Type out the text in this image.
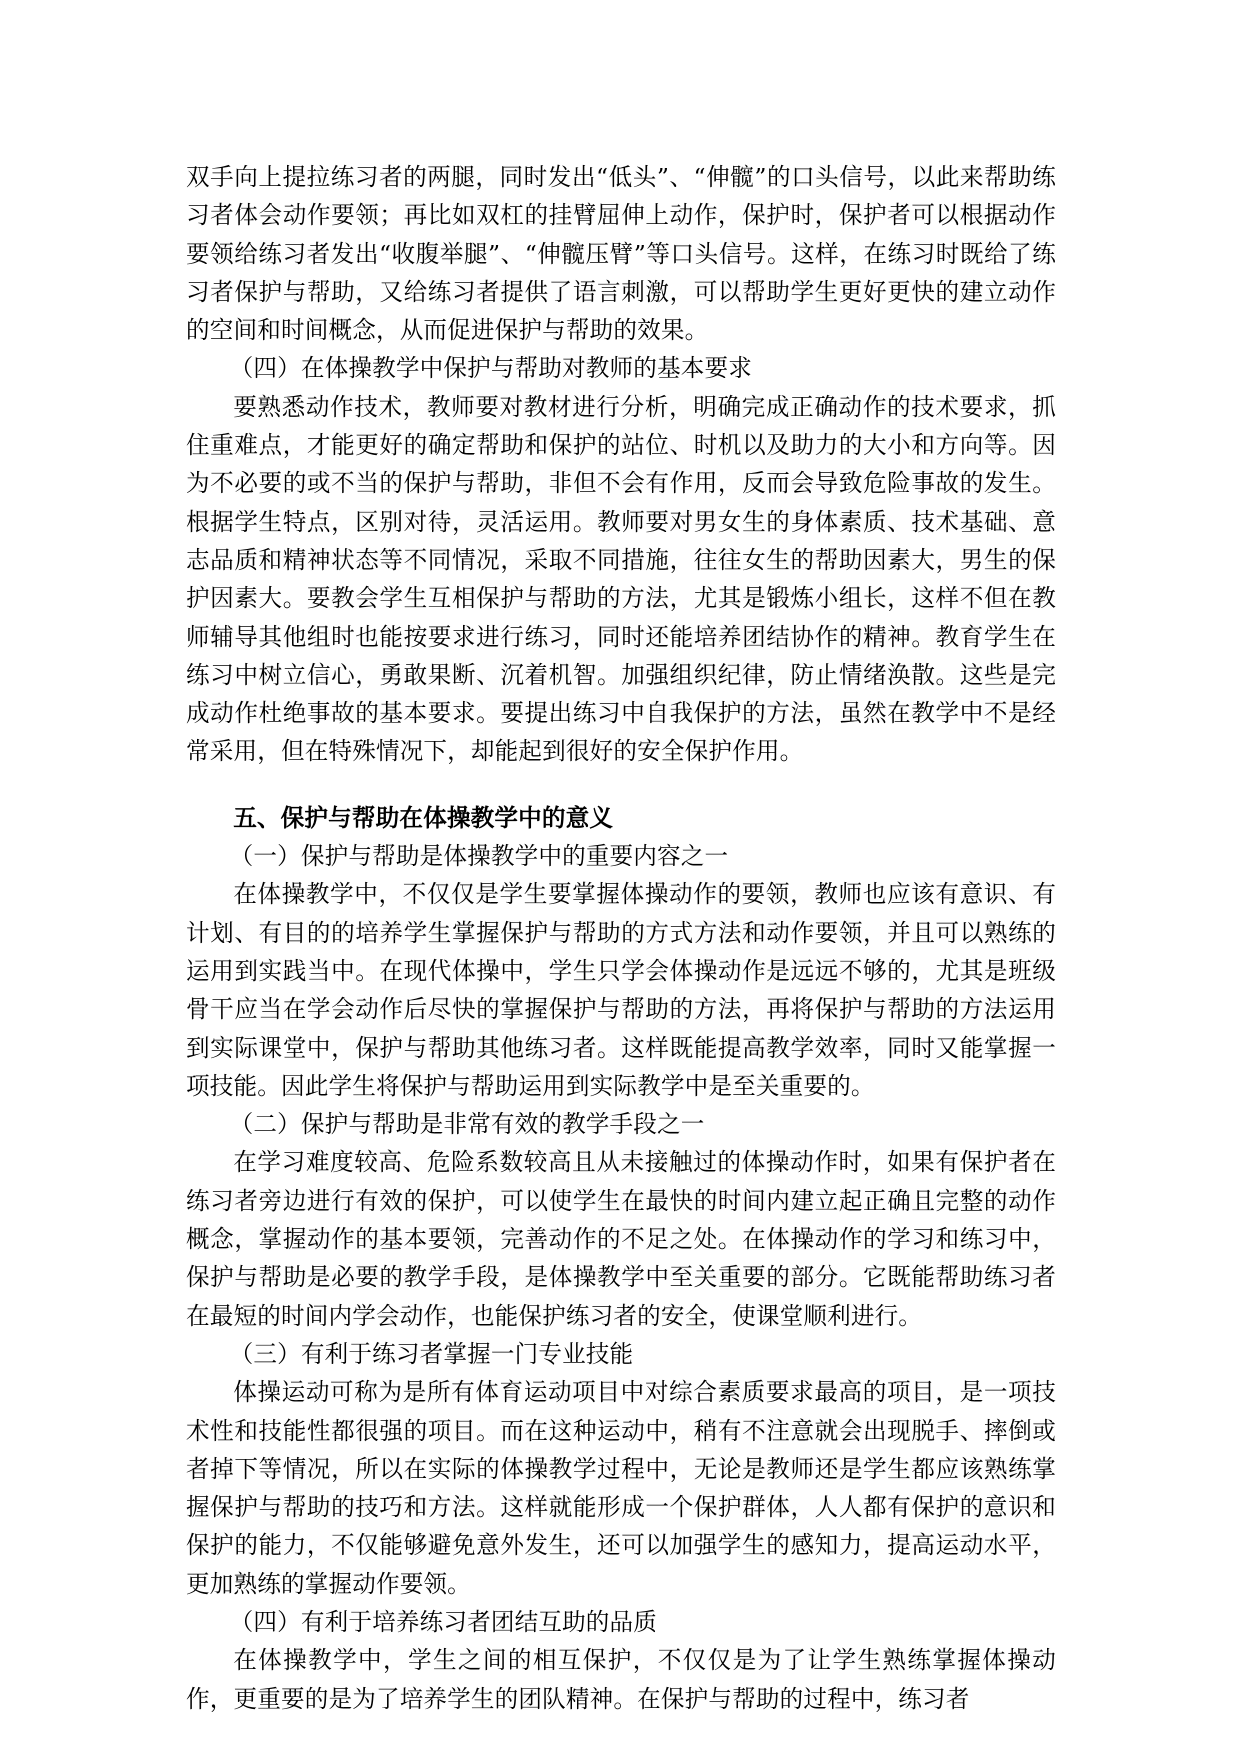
双手向上提拉练习者的两腿，同时发出“低头”、“伸髋”的口头信号，以此来帮助练习者体会动作要领；再比如双杠的挂臂屈伸上动作，保护时，保护者可以根据动作要领给练习者发出“收腹举腿”、“伸髋压臂”等口头信号。这样，在练习时既给了练习者保护与帮助，又给练习者提供了语言刺激，可以帮助学生更好更快的建立动作的空间和时间概念，从而促进保护与帮助的效果。

（四）在体操教学中保护与帮助对教师的基本要求

要熟悉动作技术，教师要对教材进行分析，明确完成正确动作的技术要求，抓住重难点，才能更好的确定帮助和保护的站位、时机以及助力的大小和方向等。因为不必要的或不当的保护与帮助，非但不会有作用，反而会导致危险事故的发生。根据学生特点，区别对待，灵活运用。教师要对男女生的身体素质、技术基础、意志品质和精神状态等不同情况，采取不同措施，往往女生的帮助因素大，男生的保护因素大。要教会学生互相保护与帮助的方法，尤其是锻炼小组长，这样不但在教师辅导其他组时也能按要求进行练习，同时还能培养团结协作的精神。教育学生在练习中树立信心，勇敢果断、沉着机智。加强组织纪律，防止情绪涣散。这些是完成动作杜绝事故的基本要求。要提出练习中自我保护的方法，虽然在教学中不是经常采用，但在特殊情况下，却能起到很好的安全保护作用。

五、保护与帮助在体操教学中的意义

（一）保护与帮助是体操教学中的重要内容之一

在体操教学中，不仅仅是学生要掌握体操动作的要领，教师也应该有意识、有计划、有目的的培养学生掌握保护与帮助的方式方法和动作要领，并且可以熟练的运用到实践当中。在现代体操中，学生只学会体操动作是远远不够的，尤其是班级骨干应当在学会动作后尽快的掌握保护与帮助的方法，再将保护与帮助的方法运用到实际课堂中，保护与帮助其他练习者。这样既能提高教学效率，同时又能掌握一项技能。因此学生将保护与帮助运用到实际教学中是至关重要的。

（二）保护与帮助是非常有效的教学手段之一

在学习难度较高、危险系数较高且从未接触过的体操动作时，如果有保护者在练习者旁边进行有效的保护，可以使学生在最快的时间内建立起正确且完整的动作概念，掌握动作的基本要领，完善动作的不足之处。在体操动作的学习和练习中，保护与帮助是必要的教学手段，是体操教学中至关重要的部分。它既能帮助练习者在最短的时间内学会动作，也能保护练习者的安全，使课堂顺利进行。

（三）有利于练习者掌握一门专业技能

体操运动可称为是所有体育运动项目中对综合素质要求最高的项目，是一项技术性和技能性都很强的项目。而在这种运动中，稍有不注意就会出现脱手、摔倒或者掉下等情况，所以在实际的体操教学过程中，无论是教师还是学生都应该熟练掌握保护与帮助的技巧和方法。这样就能形成一个保护群体，人人都有保护的意识和保护的能力，不仅能够避免意外发生，还可以加强学生的感知力，提高运动水平，更加熟练的掌握动作要领。

（四）有利于培养练习者团结互助的品质

在体操教学中，学生之间的相互保护，不仅仅是为了让学生熟练掌握体操动作，更重要的是为了培养学生的团队精神。在保护与帮助的过程中，练习者
